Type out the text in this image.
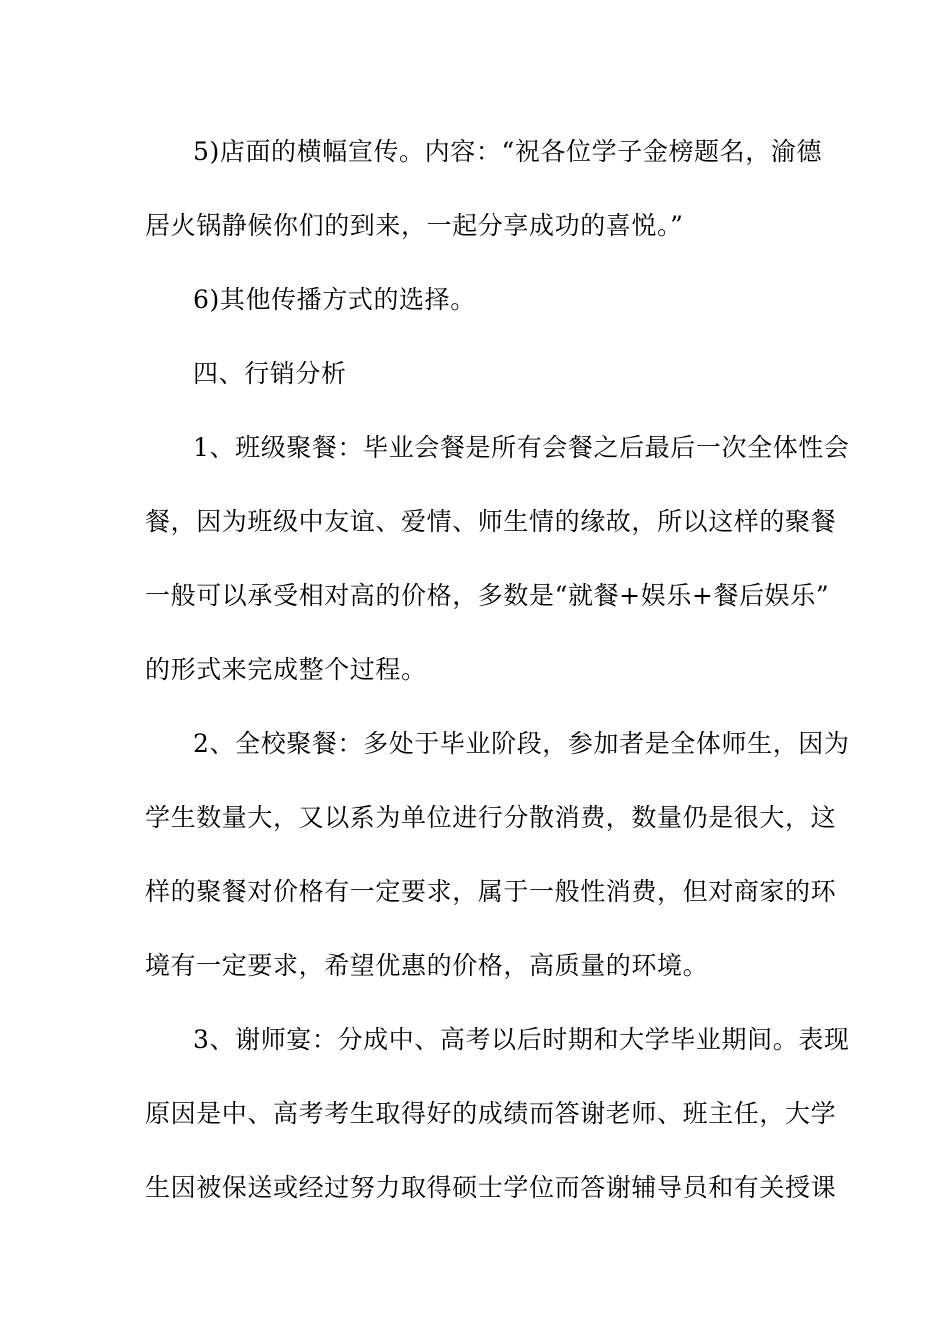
5)店面的横幅宣传。内容：“祝各位学子金榜题名，渝德
居火锅静候你们的到来，一起分享成功的喜悦。”
6)其他传播方式的选择。
四、行销分析
1、班级聚餐：毕业会餐是所有会餐之后最后一次全体性会
餐，因为班级中友谊、爱情、师生情的缘故，所以这样的聚餐
一般可以承受相对高的价格，多数是“就餐+娱乐+餐后娱乐”
的形式来完成整个过程。
2、全校聚餐：多处于毕业阶段，参加者是全体师生，因为
学生数量大，又以系为单位进行分散消费，数量仍是很大，这
样的聚餐对价格有一定要求，属于一般性消费，但对商家的环
境有一定要求，希望优惠的价格，高质量的环境。
3、谢师宴：分成中、高考以后时期和大学毕业期间。表现
原因是中、高考考生取得好的成绩而答谢老师、班主任，大学
生因被保送或经过努力取得硕士学位而答谢辅导员和有关授课
